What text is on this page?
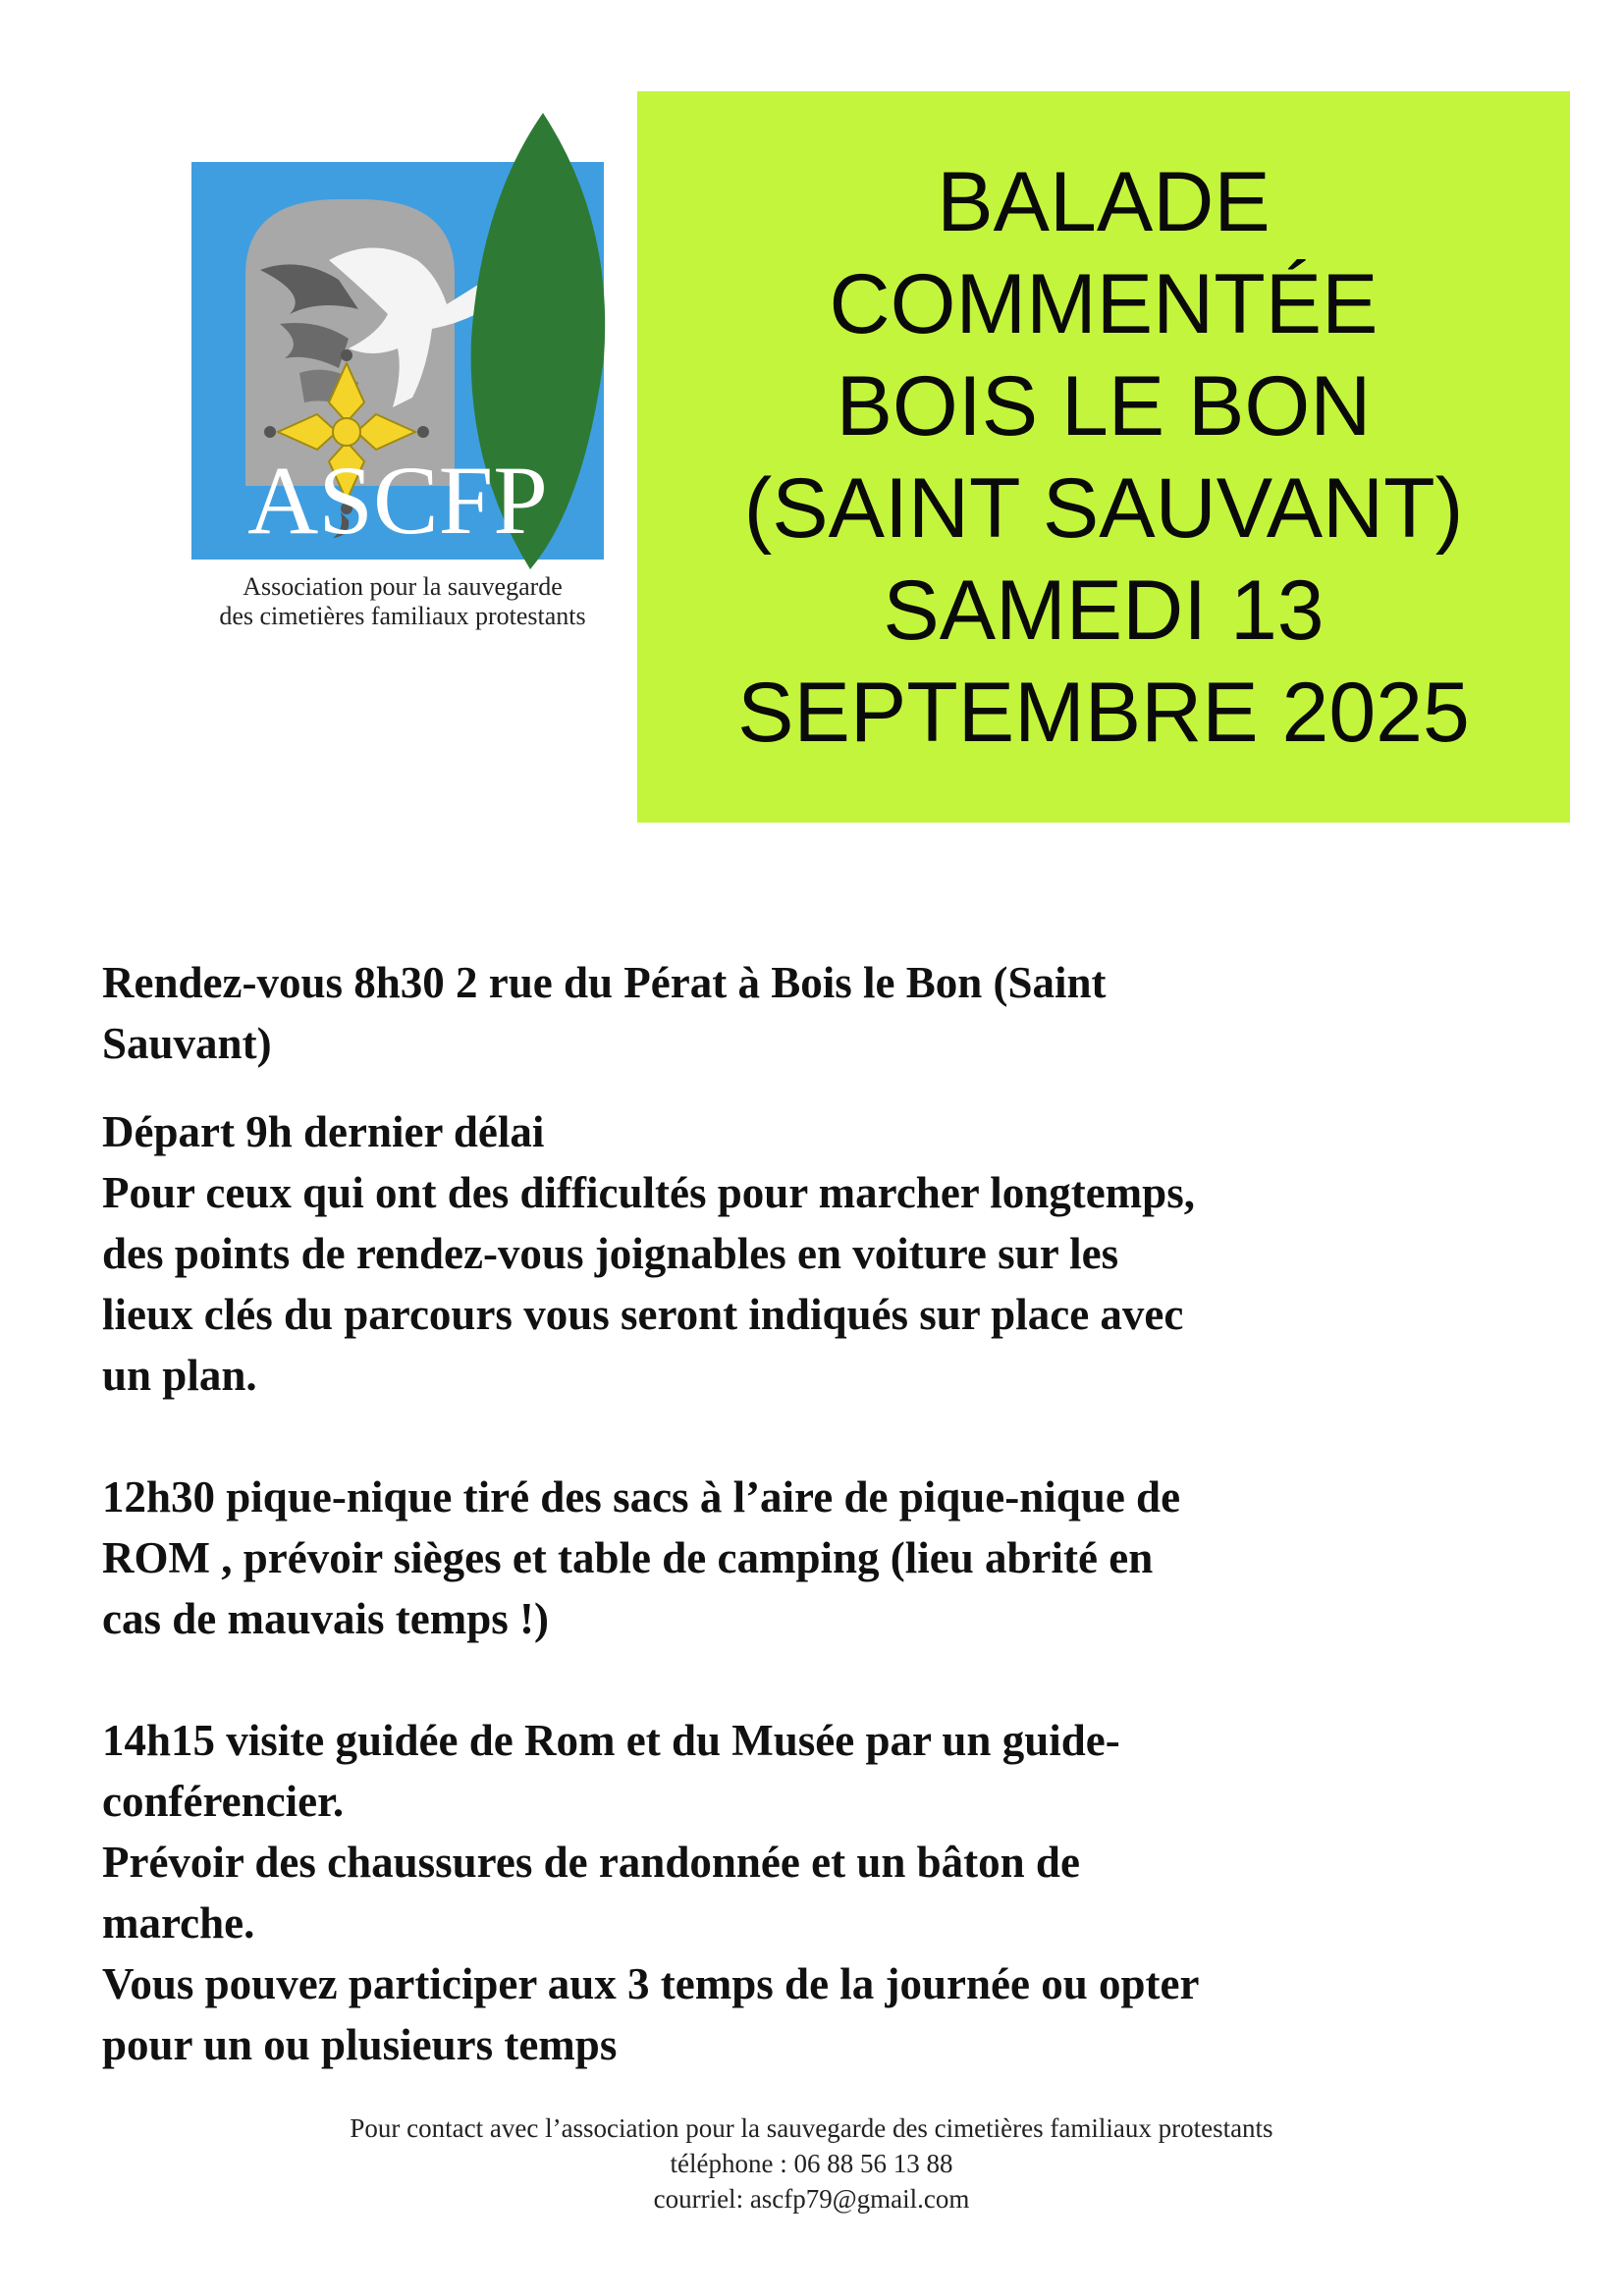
ASCFP
Association pour la sauvegarde
des cimetières familiaux protestants
BALADE
COMMENTÉE
BOIS LE BON
(SAINT SAUVANT)
SAMEDI 13
SEPTEMBRE 2025

Rendez-vous 8h30 2 rue du Pérat à Bois le Bon (Saint

Sauvant)

Départ 9h dernier délai

Pour ceux qui ont des difficultés pour marcher longtemps,

des points de rendez-vous joignables en voiture sur les

lieux clés du parcours vous seront indiqués sur place avec

un plan.

12h30 pique-nique tiré des sacs à l’aire de pique-nique de

ROM , prévoir sièges et table de camping (lieu abrité en

cas de mauvais temps !)

14h15 visite guidée de Rom et du Musée par un guide-

conférencier.

Prévoir des chaussures de randonnée et un bâton de

marche.

Vous pouvez participer aux 3 temps de la journée ou opter

pour un ou plusieurs temps

Pour contact avec l’association pour la sauvegarde des cimetières familiaux protestants

téléphone : 06 88 56 13 88

courriel: ascfp79@gmail.com
